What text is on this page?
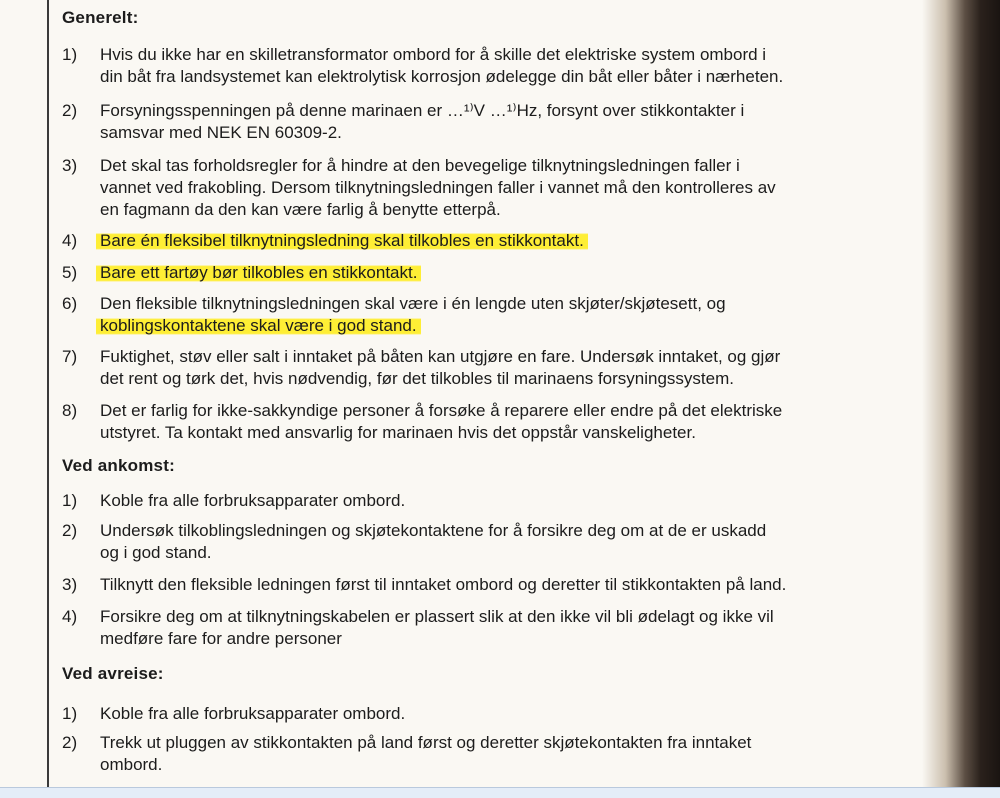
Generelt:
1) Hvis du ikke har en skilletransformator ombord for å skille det elektriske system ombord i
din båt fra landsystemet kan elektrolytisk korrosjon ødelegge din båt eller båter i nærheten.
2) Forsyningsspenningen på denne marinaen er …¹⁾V …¹⁾Hz, forsynt over stikkontakter i
samsvar med NEK EN 60309-2.
3) Det skal tas forholdsregler for å hindre at den bevegelige tilknytningsledningen faller i
vannet ved frakobling. Dersom tilknytningsledningen faller i vannet må den kontrolleres av
en fagmann da den kan være farlig å benytte etterpå.
4) Bare én fleksibel tilknytningsledning skal tilkobles en stikkontakt.
5) Bare ett fartøy bør tilkobles en stikkontakt.
6) Den fleksible tilknytningsledningen skal være i én lengde uten skjøter/skjøtesett, og
koblingskontaktene skal være i god stand.
7) Fuktighet, støv eller salt i inntaket på båten kan utgjøre en fare. Undersøk inntaket, og gjør
det rent og tørk det, hvis nødvendig, før det tilkobles til marinaens forsyningssystem.
8) Det er farlig for ikke-sakkyndige personer å forsøke å reparere eller endre på det elektriske
utstyret. Ta kontakt med ansvarlig for marinaen hvis det oppstår vanskeligheter.
Ved ankomst:
1) Koble fra alle forbruksapparater ombord.
2) Undersøk tilkoblingsledningen og skjøtekontaktene for å forsikre deg om at de er uskadd
og i god stand.
3) Tilknytt den fleksible ledningen først til inntaket ombord og deretter til stikkontakten på land.
4) Forsikre deg om at tilknytningskabelen er plassert slik at den ikke vil bli ødelagt og ikke vil
medføre fare for andre personer
Ved avreise:
1) Koble fra alle forbruksapparater ombord.
2) Trekk ut pluggen av stikkontakten på land først og deretter skjøtekontakten fra inntaket
ombord.
